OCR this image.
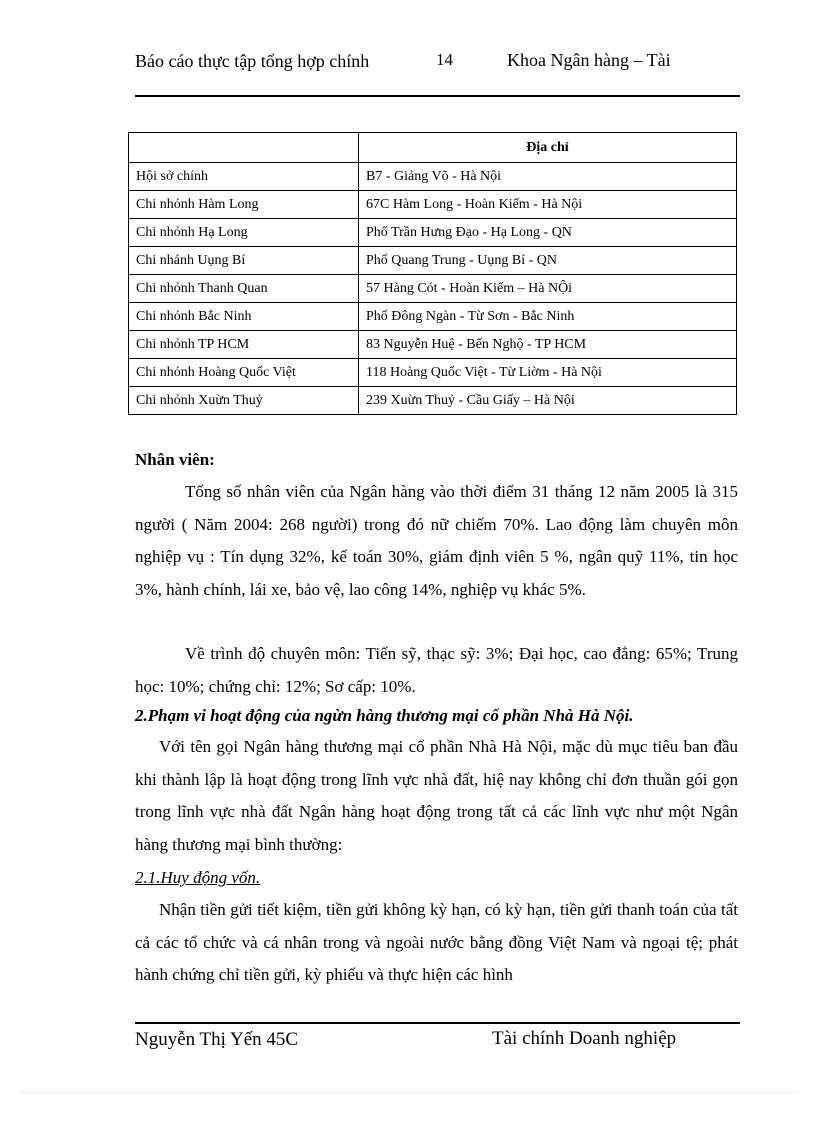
Báo cáo thực tập tổng hợp chính	14	Khoa Ngân hàng – Tài
	Địa chỉ
Hội sở chính	B7 - Giảng Võ - Hà Nội
Chi nhỏnh Hàm Long	67C Hàm Long - Hoàn Kiếm - Hà Nội
Chi nhỏnh Hạ Long	Phố Trần Hưng Đạo - Hạ Long - QN
Chi nhánh Uụng Bí	Phố Quang Trung - Uụng Bí - QN
Chi nhỏnh Thanh Quan	57 Hàng Cót - Hoàn Kiếm – Hà NỘi
Chi nhỏnh Bắc Ninh	Phố Đông Ngàn - Từ Sơn - Bắc Ninh
Chi nhỏnh TP HCM	83 Nguyễn Huệ - Bến Nghộ - TP HCM
Chi nhỏnh Hoàng Quốc Việt	118 Hoàng Quốc Việt - Từ Liờm - Hà Nội
Chi nhỏnh Xuừn Thuỷ	239 Xuừn Thuỷ - Cầu Giấy – Hà Nội
Nhân viên:
Tổng số nhân viên của Ngân hàng vào thời điểm 31 tháng 12 năm 2005 là 315 người ( Năm 2004: 268 người) trong đó nữ chiếm 70%. Lao động làm chuyên môn nghiệp vụ : Tín dụng 32%, kế toán 30%, giám định viên 5 %, ngân quỹ 11%, tin học 3%, hành chính, lái xe, bảo vệ, lao công 14%, nghiệp vụ khác 5%.
Về trình độ chuyên môn: Tiến sỹ, thạc sỹ: 3%; Đại học, cao đẳng: 65%; Trung học: 10%; chứng chỉ: 12%; Sơ cấp: 10%.
2.Phạm vi hoạt động của ngừn hàng thương mại cổ phần Nhà Hà Nội.
Với tên gọi Ngân hàng thương mại cổ phần Nhà Hà Nội, mặc dù mục tiêu ban đầu khi thành lập là hoạt động trong lĩnh vực nhà đất, hiệ nay không chỉ đơn thuần gói gọn trong lĩnh vực nhà đất Ngân hàng hoạt động trong tất cả các lĩnh vực như một Ngân hàng thương mại bình thường:
2.1.Huy động vốn.
Nhận tiền gửi tiết kiệm, tiền gửi không kỳ hạn, có kỳ hạn, tiền gửi thanh toán của tất cả các tổ chức và cá nhân trong và ngoài nước bằng đồng Việt Nam và ngoại tệ; phát hành chứng chỉ tiền gửi, kỳ phiếu và thực hiện các hình
Nguyễn Thị Yến 45C	Tài chính Doanh nghiệp
